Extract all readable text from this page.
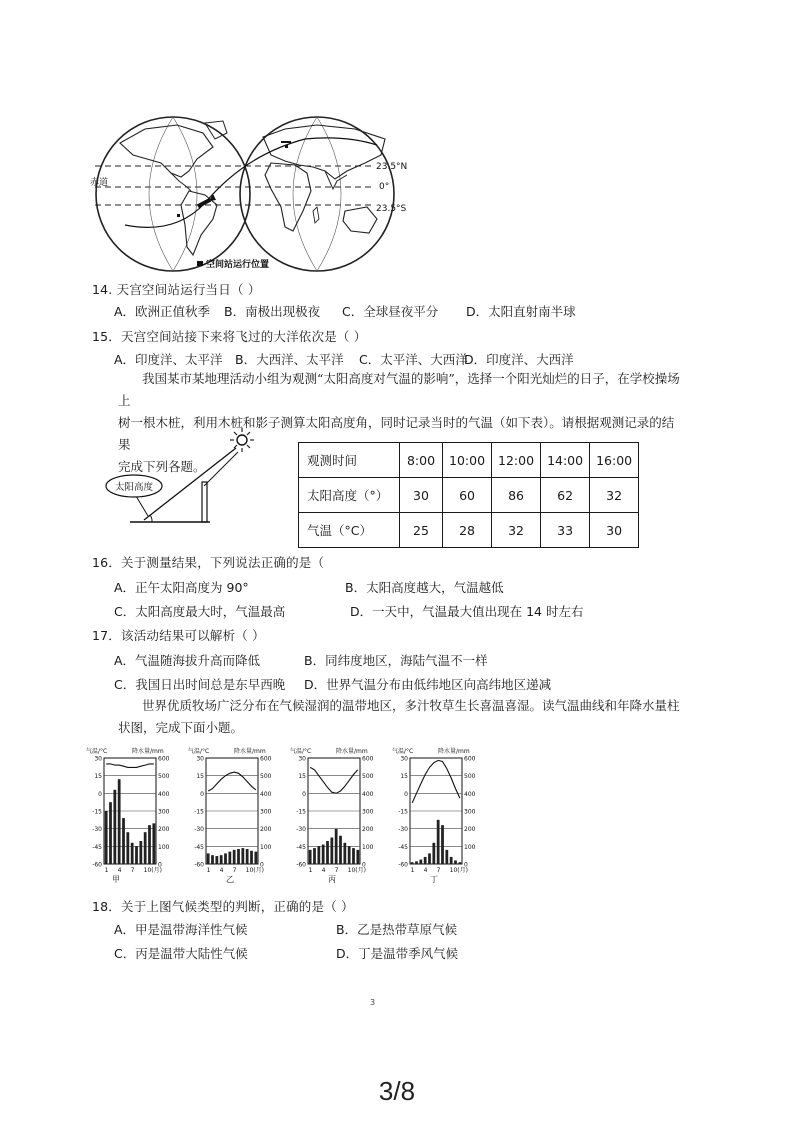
赤道
23.5°N
0°
23.5°S
空间站运行位置
14. 天宫空间站运行当日（ ）
A．欧洲正值秋季 B．南极出现极夜 C．全球昼夜平分 D．太阳直射南半球
15．天宫空间站接下来将飞过的大洋依次是（ ）
A．印度洋、太平洋 B．大西洋、太平洋 C．太平洋、大西洋
D．印度洋、大西洋

我国某市某地理活动小组为观测“太阳高度对气温的影响”，选择一个阳光灿烂的日子，在学校操场上

树一根木桩，利用木桩和影子测算太阳高度角，同时记录当时的气温（如下表）。请根据观测记录的结果

完成下列各题。

太阳高度
观测时间	8:00	10:00	12:00	14:00	16:00
太阳高度（°）	30	60	86	62	32
气温（°C）	25	28	32	33	30
16．关于测量结果，下列说法正确的是（
A．正午太阳高度为 90°	B．太阳高度越大，气温越低
C．太阳高度最大时，气温最高	D．一天中，气温最大值出现在 14 时左右
17．该活动结果可以解析（ ）
A．气温随海拔升高而降低	B．同纬度地区，海陆气温不一样
C．我国日出时间总是东早西晚 D．世界气温分布由低纬地区向高纬地区递减

世界优质牧场广泛分布在气候湿润的温带地区，多汁牧草生长喜温喜湿。读气温曲线和年降水量柱

状图，完成下面小题。

30
15
0
-15
-30
-45
-60
600
500
400
300
200
100
0
气温/°C	降水量/mm
1 4 7 10(月)
甲
30
15
0
-15
-30
-45
-60
600
500
400
300
200
100
0
气温/°C	降水量/mm
1 4 7 10(月)
乙
30
15
0
-15
-30
-45
-60
600
500
400
300
200
100
0
气温/°C	降水量/mm
1 4 7 10(月)
丙
30
15
0
-15
-30
-45
-60
600
500
400
300
200
100
0
气温/°C	降水量/mm
1 4 7 10(月)
丁
18．关于上图气候类型的判断，正确的是（ ）
A．甲是温带海洋性气候	B．乙是热带草原气候
C．丙是温带大陆性气候	D．丁是温带季风气候
3
3/8
